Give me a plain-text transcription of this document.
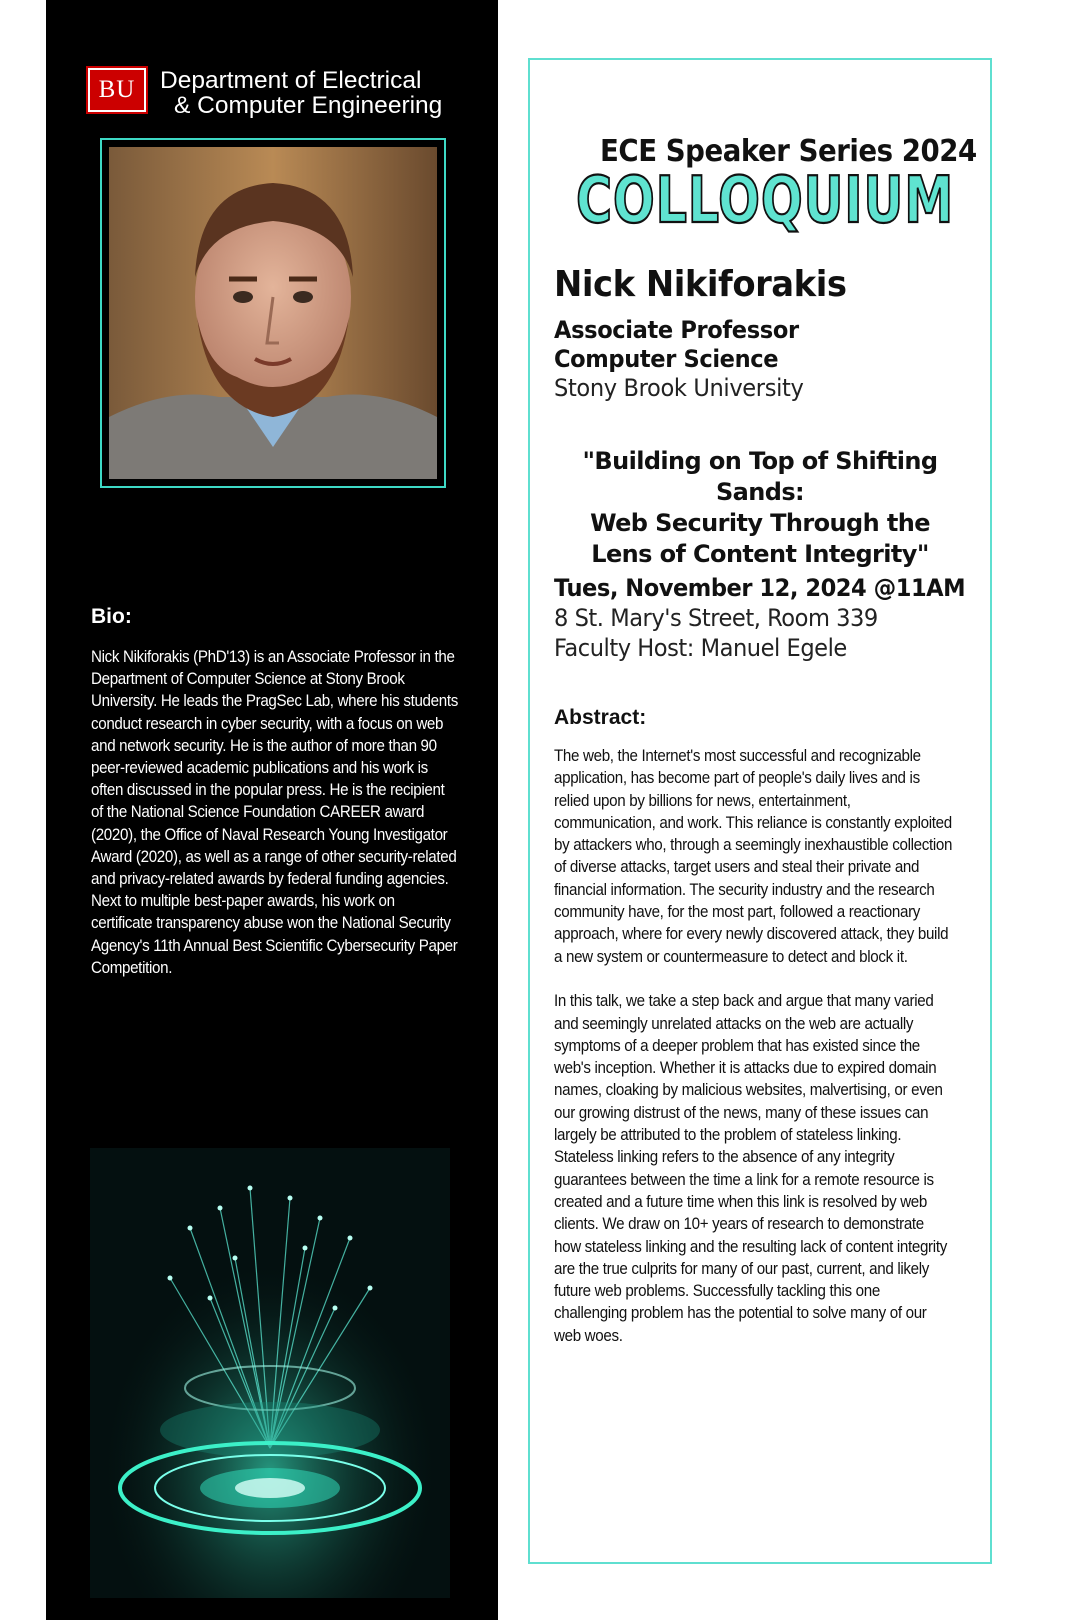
BU	Department of Electrical
& Computer Engineering
Bio:
Nick Nikiforakis (PhD'13) is an Associate Professor in the Department of Computer Science at Stony Brook University. He leads the PragSec Lab, where his students conduct research in cyber security, with a focus on web and network security. He is the author of more than 90 peer-reviewed academic publications and his work is often discussed in the popular press. He is the recipient of the National Science Foundation CAREER award (2020), the Office of Naval Research Young Investigator Award (2020), as well as a range of other security-related and privacy-related awards by federal funding agencies. Next to multiple best-paper awards, his work on certificate transparency abuse won the National Security Agency's 11th Annual Best Scientific Cybersecurity Paper Competition.
ECE Speaker Series 2024
COLLOQUIUM
Nick Nikiforakis
Associate Professor
Computer Science
Stony Brook University
"Building on Top of Shifting Sands:
Web Security Through the
Lens of Content Integrity"
Tues, November 12, 2024 @11AM
8 St. Mary's Street, Room 339
Faculty Host: Manuel Egele
Abstract:

The web, the Internet's most successful and recognizable application, has become part of people's daily lives and is relied upon by billions for news, entertainment, communication, and work. This reliance is constantly exploited by attackers who, through a seemingly inexhaustible collection of diverse attacks, target users and steal their private and financial information. The security industry and the research community have, for the most part, followed a reactionary approach, where for every newly discovered attack, they build a new system or countermeasure to detect and block it.

In this talk, we take a step back and argue that many varied and seemingly unrelated attacks on the web are actually symptoms of a deeper problem that has existed since the web's inception. Whether it is attacks due to expired domain names, cloaking by malicious websites, malvertising, or even our growing distrust of the news, many of these issues can largely be attributed to the problem of stateless linking. Stateless linking refers to the absence of any integrity guarantees between the time a link for a remote resource is created and a future time when this link is resolved by web clients. We draw on 10+ years of research to demonstrate how stateless linking and the resulting lack of content integrity are the true culprits for many of our past, current, and likely future web problems. Successfully tackling this one challenging problem has the potential to solve many of our web woes.
